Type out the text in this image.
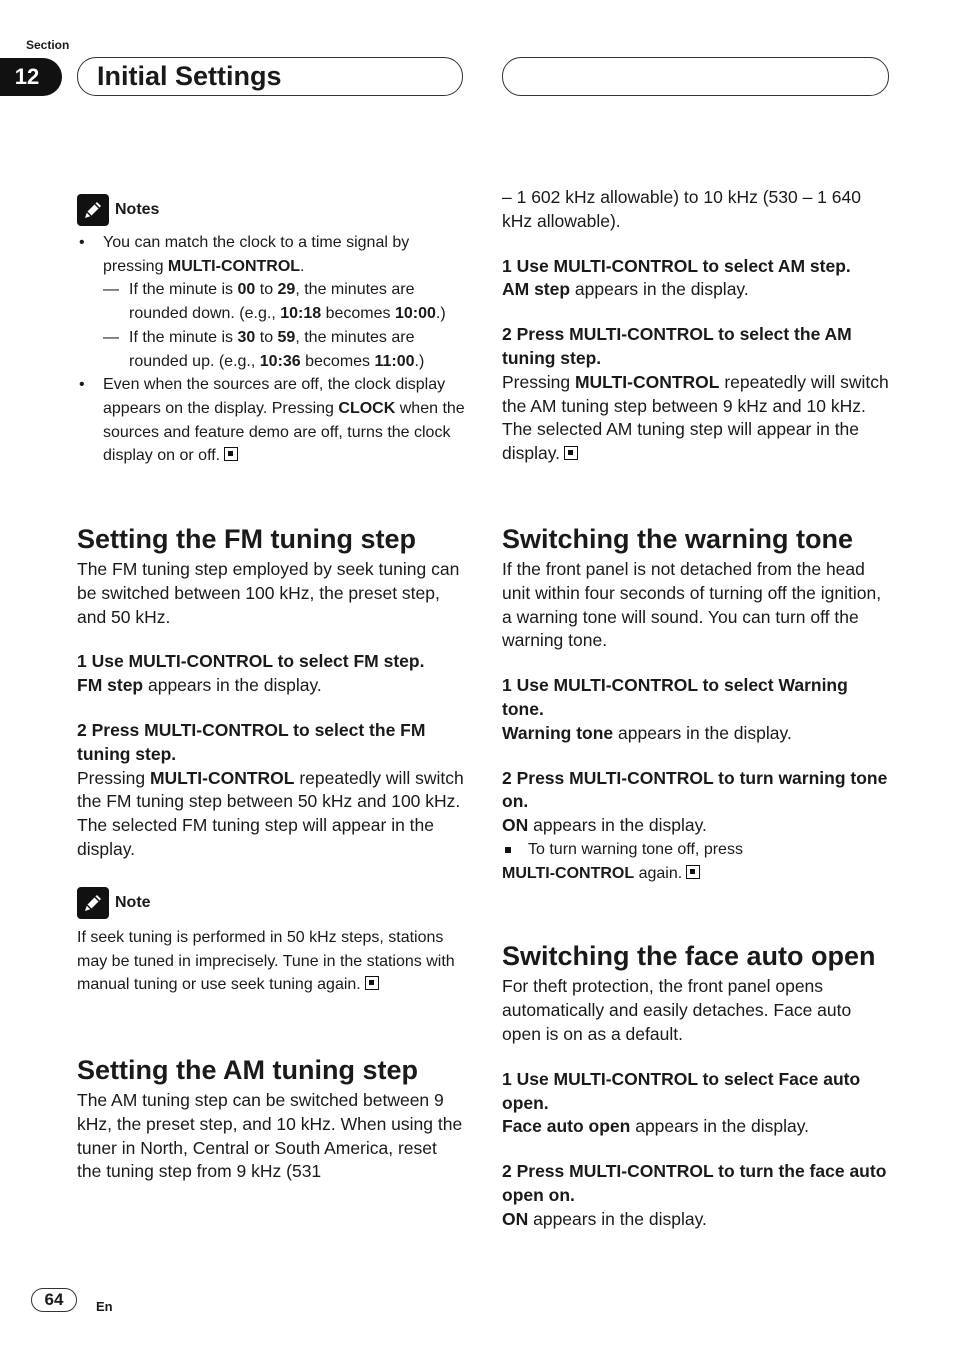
Section
12	Initial Settings
Notes
• You can match the clock to a time signal by pressing MULTI-CONTROL.
— If the minute is 00 to 29, the minutes are rounded down. (e.g., 10:18 becomes 10:00.)
— If the minute is 30 to 59, the minutes are rounded up. (e.g., 10:36 becomes 11:00.)
• Even when the sources are off, the clock display appears on the display. Pressing CLOCK when the sources and feature demo are off, turns the clock display on or off.
Setting the FM tuning step
The FM tuning step employed by seek tuning can be switched between 100 kHz, the preset step, and 50 kHz.
1 Use MULTI-CONTROL to select FM step.
FM step appears in the display.
2 Press MULTI-CONTROL to select the FM tuning step.
Pressing MULTI-CONTROL repeatedly will switch the FM tuning step between 50 kHz and 100 kHz. The selected FM tuning step will appear in the display.
Note
If seek tuning is performed in 50 kHz steps, stations may be tuned in imprecisely. Tune in the stations with manual tuning or use seek tuning again.
Setting the AM tuning step
The AM tuning step can be switched between 9 kHz, the preset step, and 10 kHz. When using the tuner in North, Central or South America, reset the tuning step from 9 kHz (531
– 1 602 kHz allowable) to 10 kHz (530 – 1 640 kHz allowable).
1 Use MULTI-CONTROL to select AM step.
AM step appears in the display.
2 Press MULTI-CONTROL to select the AM tuning step.
Pressing MULTI-CONTROL repeatedly will switch the AM tuning step between 9 kHz and 10 kHz. The selected AM tuning step will appear in the display.
Switching the warning tone
If the front panel is not detached from the head unit within four seconds of turning off the ignition, a warning tone will sound. You can turn off the warning tone.
1 Use MULTI-CONTROL to select Warning tone.
Warning tone appears in the display.
2 Press MULTI-CONTROL to turn warning tone on.
ON appears in the display.
To turn warning tone off, press
MULTI-CONTROL again.
Switching the face auto open
For theft protection, the front panel opens automatically and easily detaches. Face auto open is on as a default.
1 Use MULTI-CONTROL to select Face auto open.
Face auto open appears in the display.
2 Press MULTI-CONTROL to turn the face auto open on.
ON appears in the display.
64	En
